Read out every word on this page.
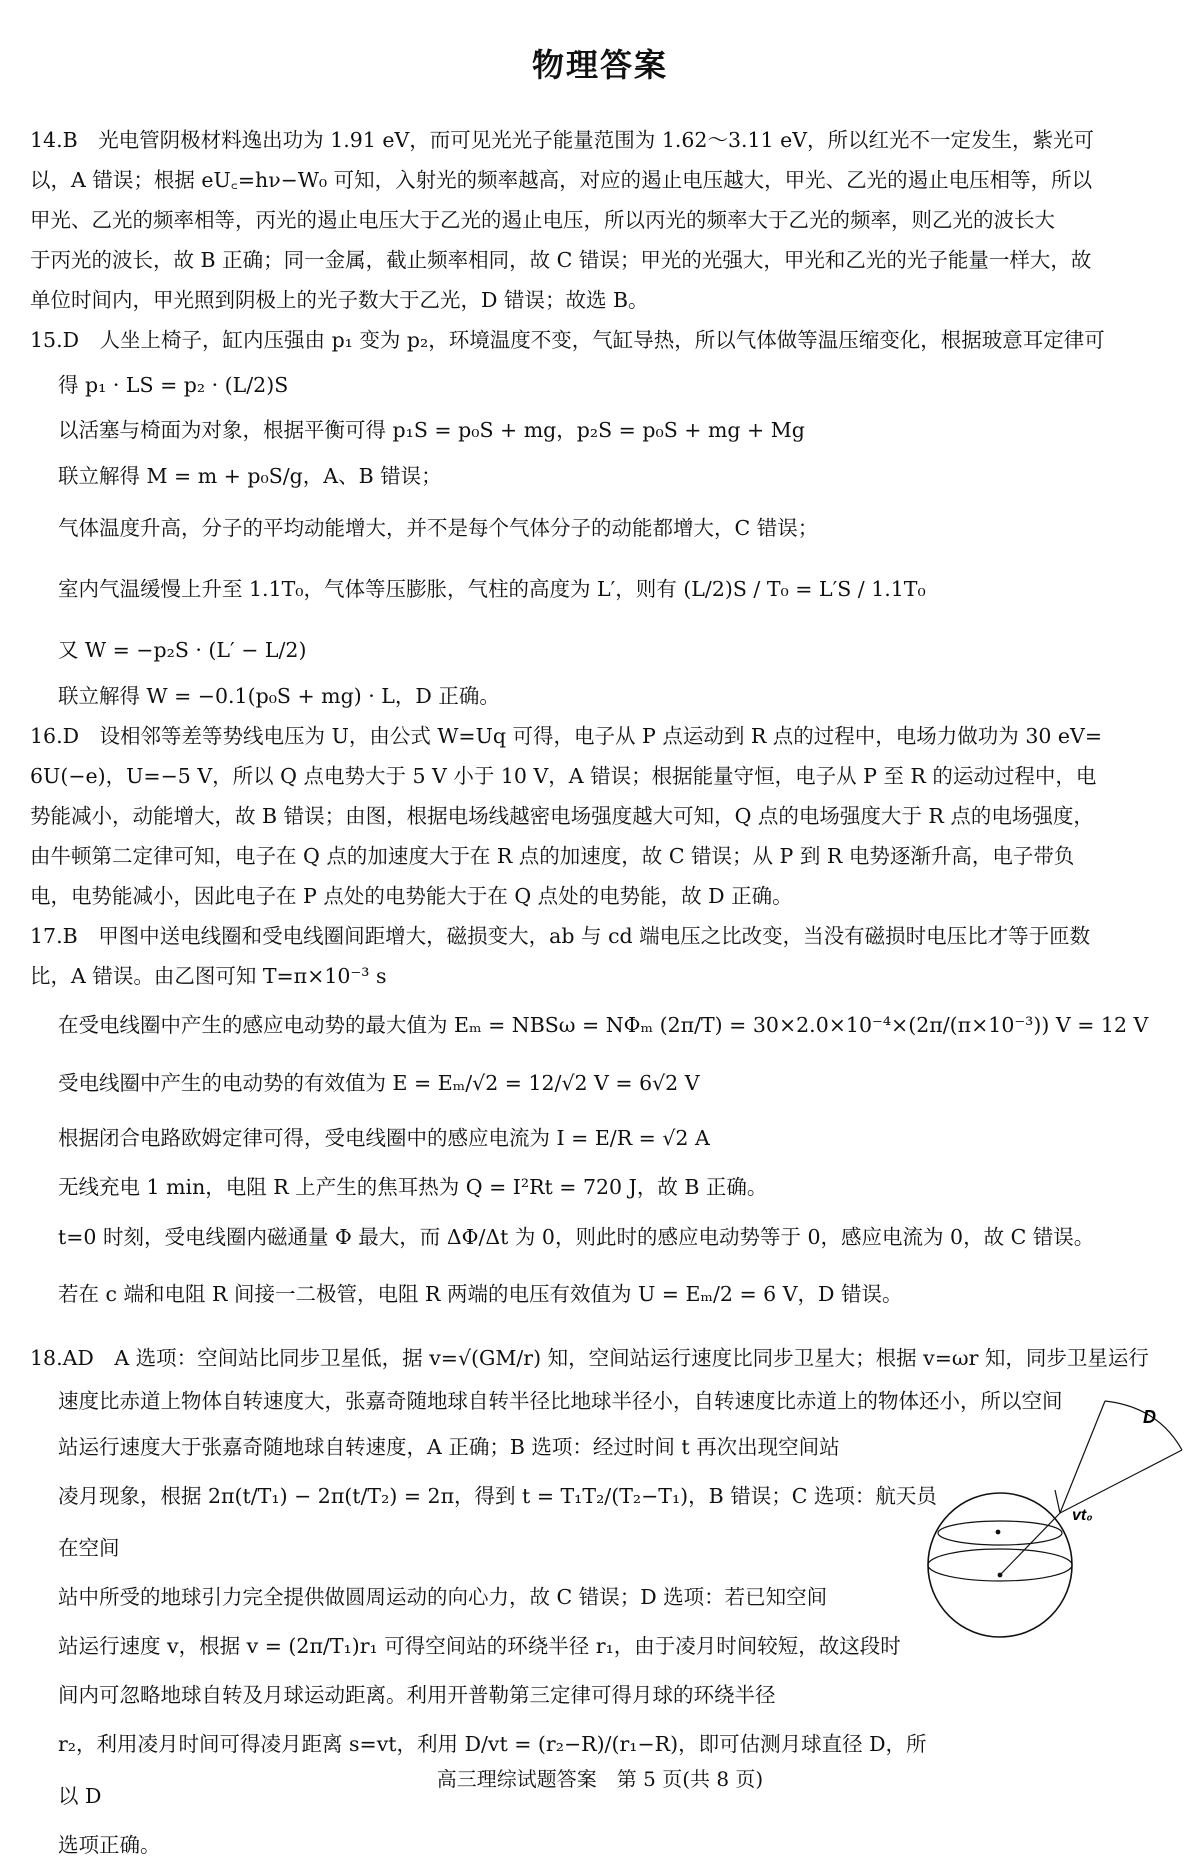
物理答案

14.B　 光电管阴极材料逸出功为 1.91 eV，而可见光光子能量范围为 1.62～3.11 eV，所以红光不一定发生，紫光可

以，A 错误；根据 eU꜀=hν−W₀ 可知，入射光的频率越高，对应的遏止电压越大，甲光、乙光的遏止电压相等，所以

甲光、乙光的频率相等，丙光的遏止电压大于乙光的遏止电压，所以丙光的频率大于乙光的频率，则乙光的波长大

于丙光的波长，故 B 正确；同一金属，截止频率相同，故 C 错误；甲光的光强大，甲光和乙光的光子能量一样大，故

单位时间内，甲光照到阴极上的光子数大于乙光，D 错误；故选 B。

15.D　 人坐上椅子，缸内压强由 p₁ 变为 p₂，环境温度不变，气缸导热，所以气体做等温压缩变化，根据玻意耳定律可

得 p₁ · LS = p₂ · (L/2)S

以活塞与椅面为对象，根据平衡可得 p₁S = p₀S + mg，p₂S = p₀S + mg + Mg

联立解得 M = m + p₀S/g，A、B 错误；

气体温度升高，分子的平均动能增大，并不是每个气体分子的动能都增大，C 错误；

室内气温缓慢上升至 1.1T₀，气体等压膨胀，气柱的高度为 L′，则有 (L/2)S / T₀ = L′S / 1.1T₀

又 W = −p₂S · (L′ − L/2)

联立解得 W = −0.1(p₀S + mg) · L，D 正确。

16.D　 设相邻等差等势线电压为 U，由公式 W=Uq 可得，电子从 P 点运动到 R 点的过程中，电场力做功为 30 eV=

6U(−e)，U=−5 V，所以 Q 点电势大于 5 V 小于 10 V，A 错误；根据能量守恒，电子从 P 至 R 的运动过程中，电

势能减小，动能增大，故 B 错误；由图，根据电场线越密电场强度越大可知，Q 点的电场强度大于 R 点的电场强度，

由牛顿第二定律可知，电子在 Q 点的加速度大于在 R 点的加速度，故 C 错误；从 P 到 R 电势逐渐升高，电子带负

电，电势能减小，因此电子在 P 点处的电势能大于在 Q 点处的电势能，故 D 正确。

17.B　 甲图中送电线圈和受电线圈间距增大，磁损变大，ab 与 cd 端电压之比改变，当没有磁损时电压比才等于匝数

比，A 错误。由乙图可知 T=π×10⁻³ s

在受电线圈中产生的感应电动势的最大值为 Eₘ = NBSω = NΦₘ (2π/T) = 30×2.0×10⁻⁴×(2π/(π×10⁻³)) V = 12 V

受电线圈中产生的电动势的有效值为 E = Eₘ/√2 = 12/√2 V = 6√2 V

根据闭合电路欧姆定律可得，受电线圈中的感应电流为 I = E/R = √2 A

无线充电 1 min，电阻 R 上产生的焦耳热为 Q = I²Rt = 720 J，故 B 正确。

t=0 时刻，受电线圈内磁通量 Φ 最大，而 ΔΦ/Δt 为 0，则此时的感应电动势等于 0，感应电流为 0，故 C 错误。

若在 c 端和电阻 R 间接一二极管，电阻 R 两端的电压有效值为 U = Eₘ/2 = 6 V，D 错误。

18.AD　 A 选项：空间站比同步卫星低，据 v=√(GM/r) 知，空间站运行速度比同步卫星大；根据 v=ωr 知，同步卫星运行

速度比赤道上物体自转速度大，张嘉奇随地球自转半径比地球半径小，自转速度比赤道上的物体还小，所以空间

站运行速度大于张嘉奇随地球自转速度，A 正确；B 选项：经过时间 t 再次出现空间站

凌月现象，根据 2π(t/T₁) − 2π(t/T₂) = 2π，得到 t = T₁T₂/(T₂−T₁)，B 错误；C 选项：航天员在空间

站中所受的地球引力完全提供做圆周运动的向心力，故 C 错误；D 选项：若已知空间

站运行速度 v，根据 v = (2π/T₁)r₁ 可得空间站的环绕半径 r₁，由于凌月时间较短，故这段时

间内可忽略地球自转及月球运动距离。利用开普勒第三定律可得月球的环绕半径

r₂，利用凌月时间可得凌月距离 s=vt，利用 D/vt = (r₂−R)/(r₁−R)，即可估测月球直径 D，所以 D

选项正确。

D
vt₀
高三理综试题答案　第 5 页(共 8 页)
